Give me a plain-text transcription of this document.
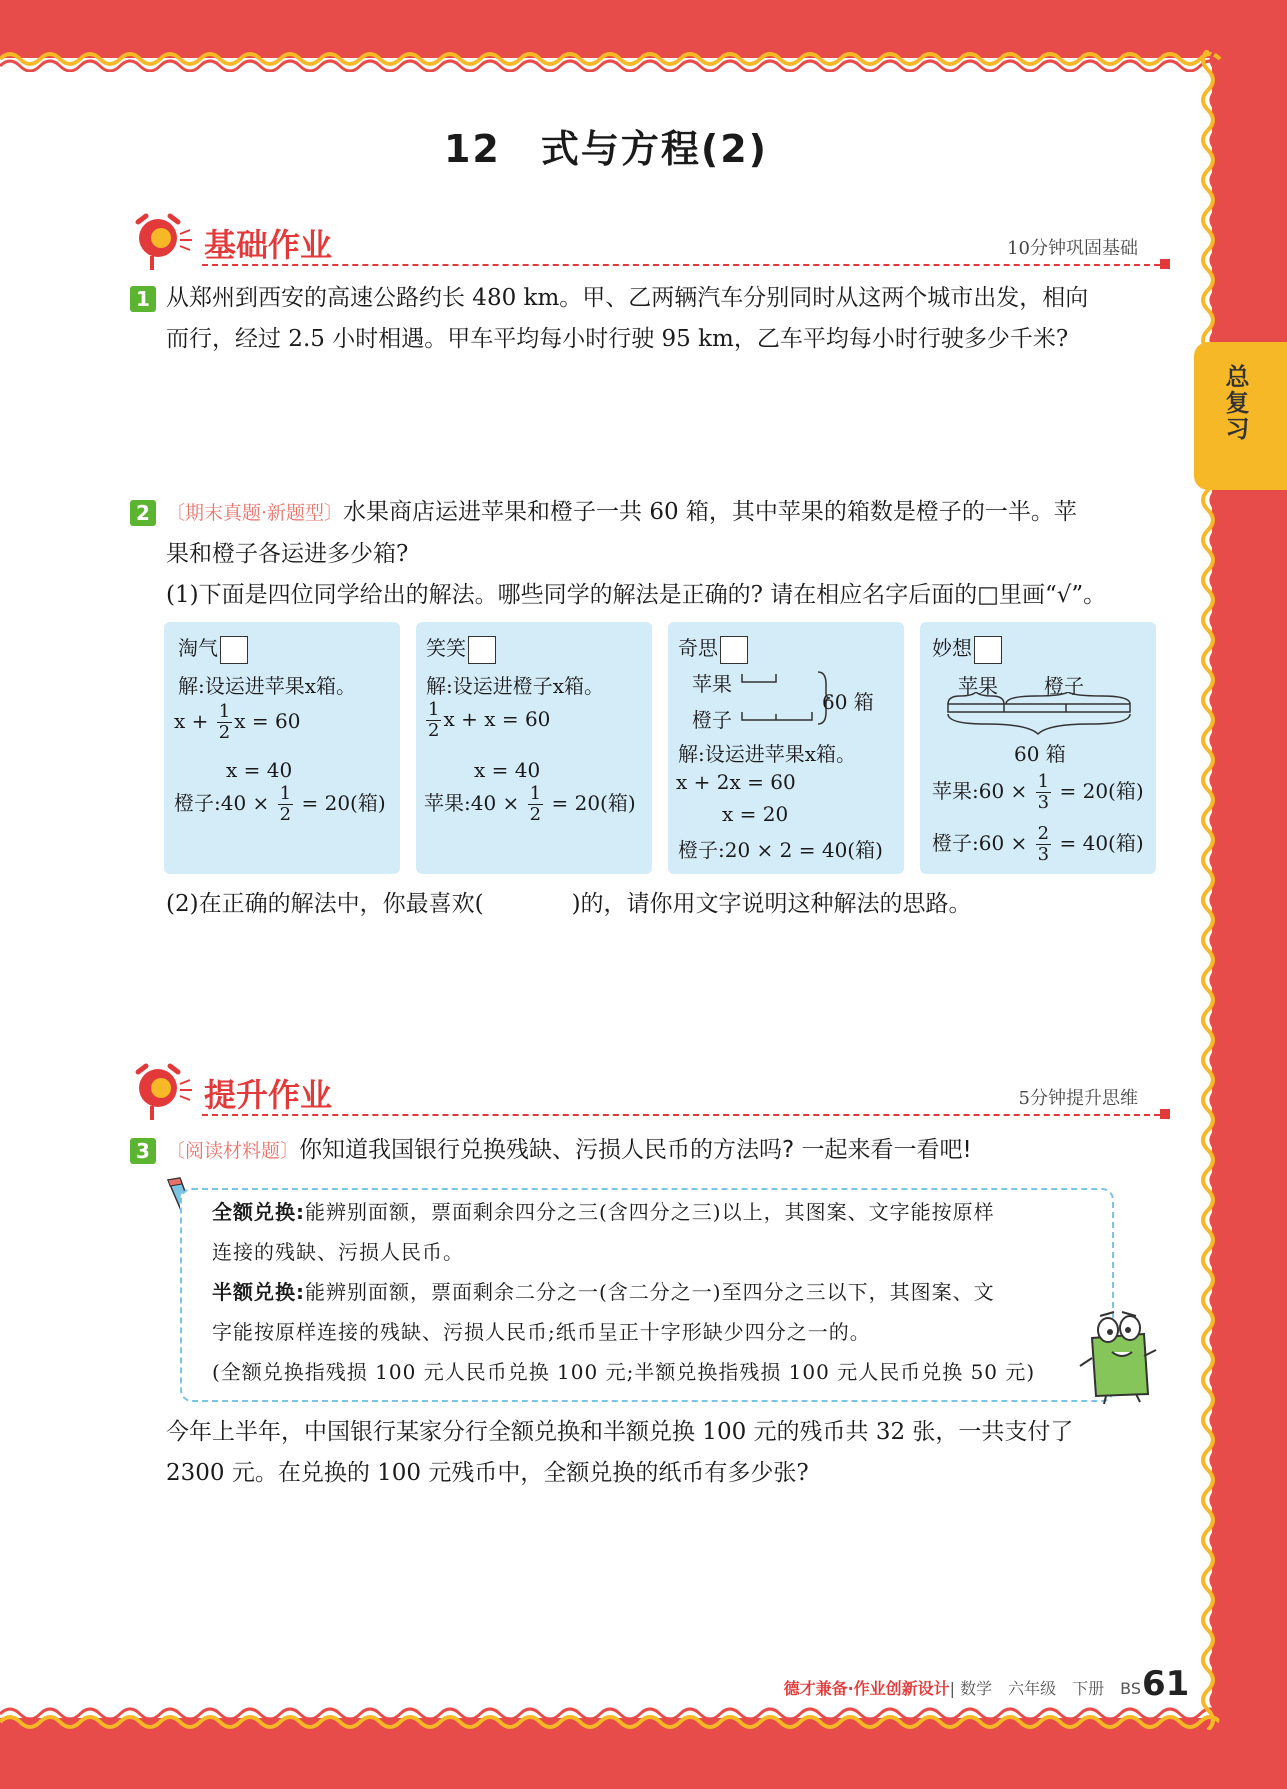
12　式与方程(2)
总复习
基础作业	10分钟巩固基础
1 从郑州到西安的高速公路约长 480 km。甲、乙两辆汽车分别同时从这两个城市出发，相向
而行，经过 2.5 小时相遇。甲车平均每小时行驶 95 km，乙车平均每小时行驶多少千米?
2 〔期末真题·新题型〕水果商店运进苹果和橙子一共 60 箱，其中苹果的箱数是橙子的一半。苹
果和橙子各运进多少箱?
(1)下面是四位同学给出的解法。哪些同学的解法是正确的? 请在相应名字后面的□里画“√”。
淘气
解:设运进苹果x箱。
$x + \frac{1}{2}$ x = 60
x = 40
橙子:40 × $\frac{1}{2} = 20$(箱)
笑笑
解:设运进橙子x箱。
$\frac{1}{2}$ x + x = 60
x = 40
苹果:40 × $\frac{1}{2} = 20$(箱)
奇思
苹果
橙子
60 箱
解:设运进苹果x箱。
x + 2x = 60
x = 20
橙子:20 × 2 = 40(箱)
妙想
苹果 橙子
60 箱
苹果:60 × $\frac{1}{3} = 20$(箱)
橙子:60 × $\frac{2}{3} = 40$(箱)
(2)在正确的解法中，你最喜欢(	)的，请你用文字说明这种解法的思路。
提升作业	5分钟提升思维
3 〔阅读材料题〕你知道我国银行兑换残缺、污损人民币的方法吗? 一起来看一看吧!
全额兑换:能辨别面额，票面剩余四分之三(含四分之三)以上，其图案、文字能按原样
连接的残缺、污损人民币。
半额兑换:能辨别面额，票面剩余二分之一(含二分之一)至四分之三以下，其图案、文
字能按原样连接的残缺、污损人民币;纸币呈正十字形缺少四分之一的。
(全额兑换指残损 100 元人民币兑换 100 元;半额兑换指残损 100 元人民币兑换 50 元)
今年上半年，中国银行某家分行全额兑换和半额兑换 100 元的残币共 32 张，一共支付了
2300 元。在兑换的 100 元残币中，全额兑换的纸币有多少张?
德才兼备·作业创新设计| 数学　六年级　下册　BS 61
